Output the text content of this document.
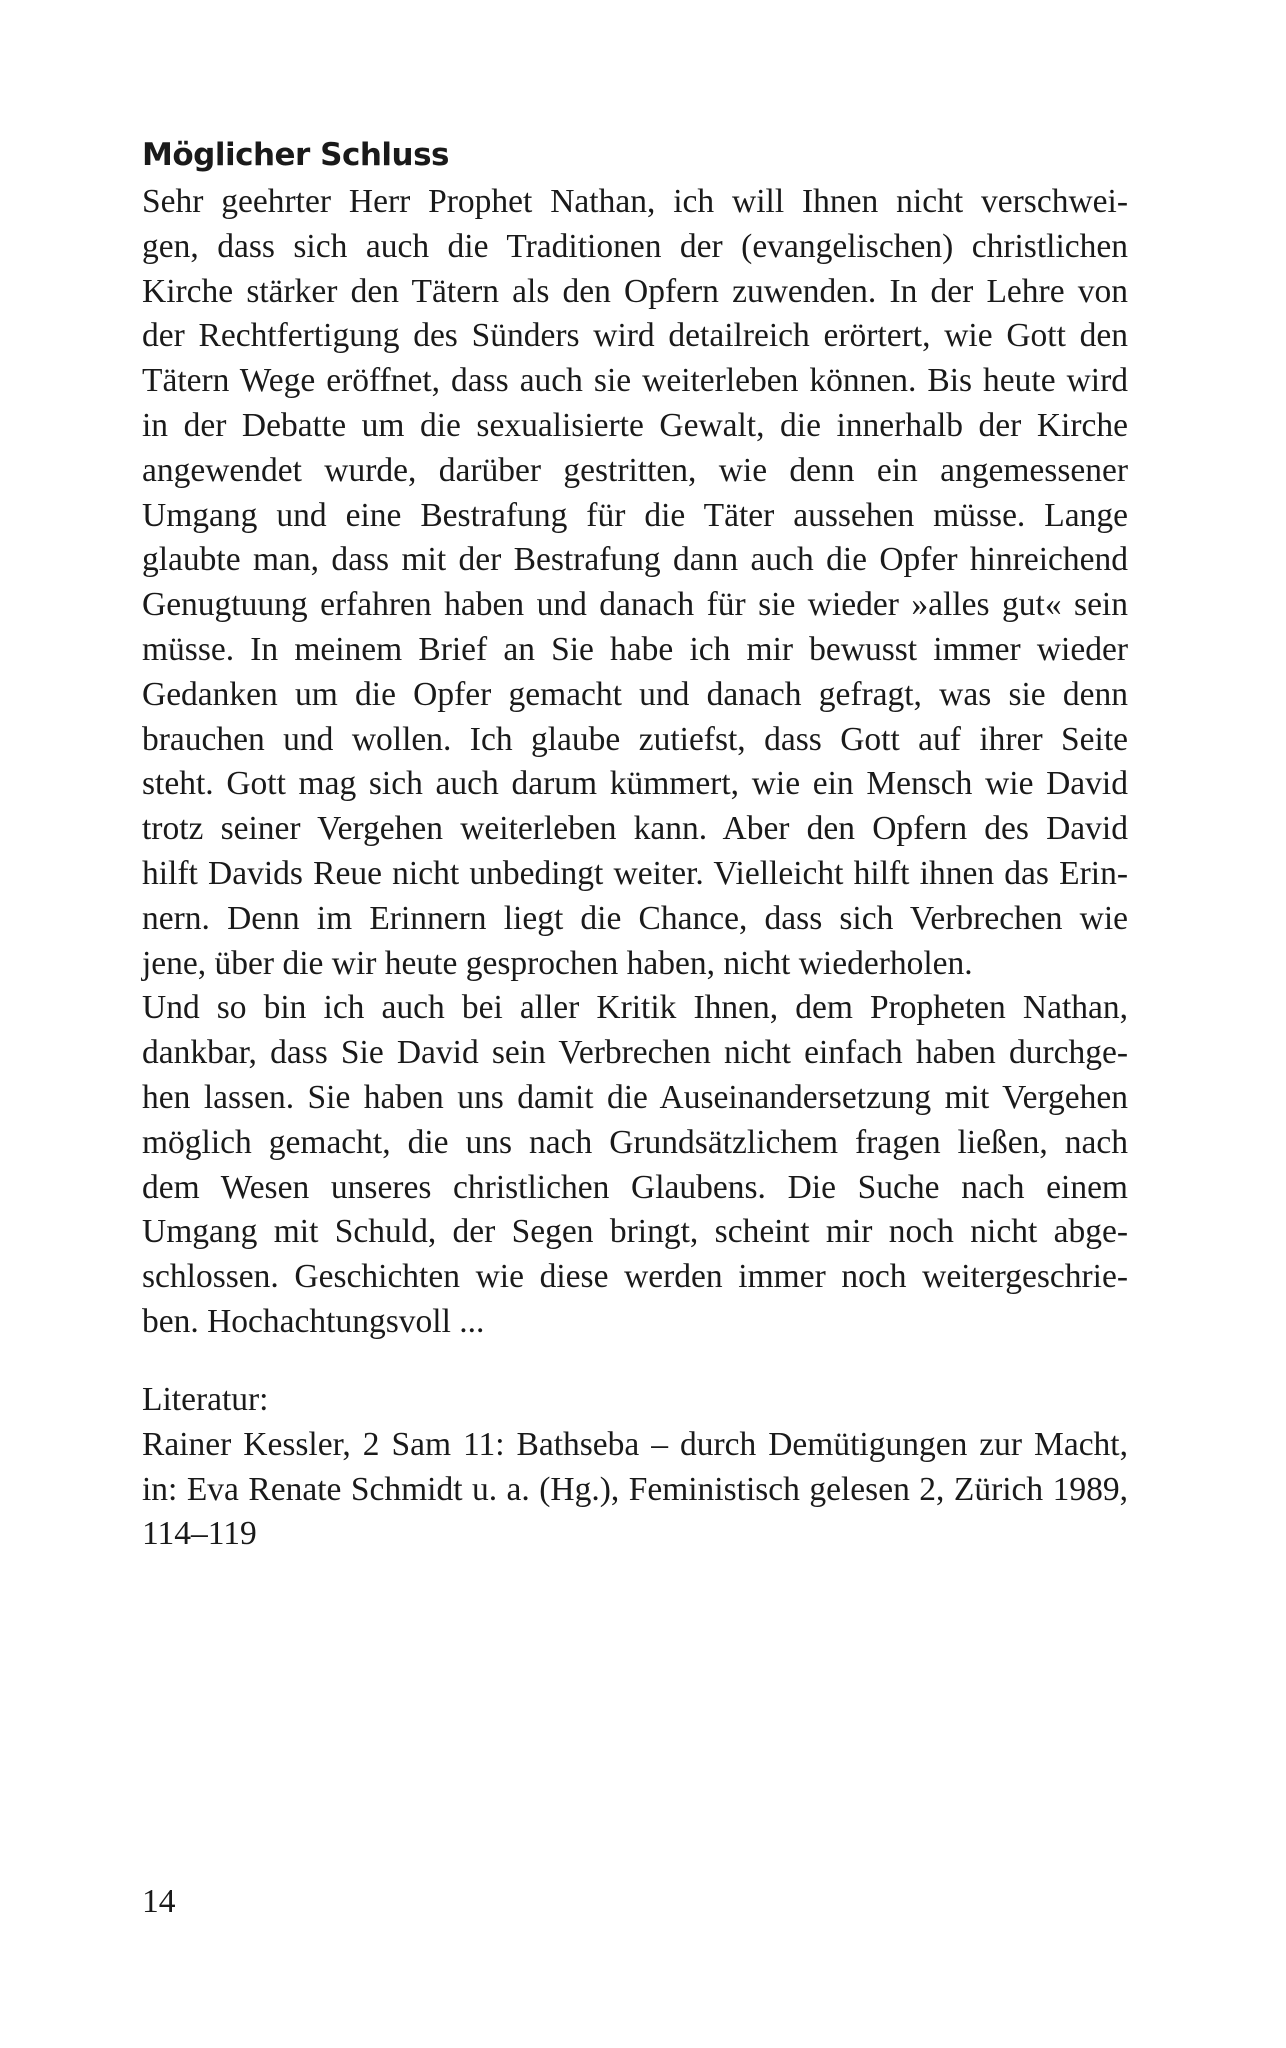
Möglicher Schluss

Sehr geehrter Herr Prophet Nathan, ich will Ihnen nicht verschwei-
gen, dass sich auch die Traditionen der (evangelischen) christlichen
Kirche stärker den Tätern als den Opfern zuwenden. In der Lehre von
der Rechtfertigung des Sünders wird detailreich erörtert, wie Gott den
Tätern Wege eröffnet, dass auch sie weiterleben können. Bis heute wird
in der Debatte um die sexualisierte Gewalt, die innerhalb der Kirche
angewendet wurde, darüber gestritten, wie denn ein angemessener
Umgang und eine Bestrafung für die Täter aussehen müsse. Lange
glaubte man, dass mit der Bestrafung dann auch die Opfer hinreichend
Genugtuung erfahren haben und danach für sie wieder »alles gut« sein
müsse. In meinem Brief an Sie habe ich mir bewusst immer wieder
Gedanken um die Opfer gemacht und danach gefragt, was sie denn
brauchen und wollen. Ich glaube zutiefst, dass Gott auf ihrer Seite
steht. Gott mag sich auch darum kümmert, wie ein Mensch wie David
trotz seiner Vergehen weiterleben kann. Aber den Opfern des David
hilft Davids Reue nicht unbedingt weiter. Vielleicht hilft ihnen das Erin-
nern. Denn im Erinnern liegt die Chance, dass sich Verbrechen wie
jene, über die wir heute gesprochen haben, nicht wiederholen.

Und so bin ich auch bei aller Kritik Ihnen, dem Propheten Nathan,
dankbar, dass Sie David sein Verbrechen nicht einfach haben durchge-
hen lassen. Sie haben uns damit die Auseinandersetzung mit Vergehen
möglich gemacht, die uns nach Grundsätzlichem fragen ließen, nach
dem Wesen unseres christlichen Glaubens. Die Suche nach einem
Umgang mit Schuld, der Segen bringt, scheint mir noch nicht abge-
schlossen. Geschichten wie diese werden immer noch weitergeschrie-
ben. Hochachtungsvoll ...

Literatur:
Rainer Kessler, 2 Sam 11: Bathseba – durch Demütigungen zur Macht,
in: Eva Renate Schmidt u. a. (Hg.), Feministisch gelesen 2, Zürich 1989,
114–119
14
